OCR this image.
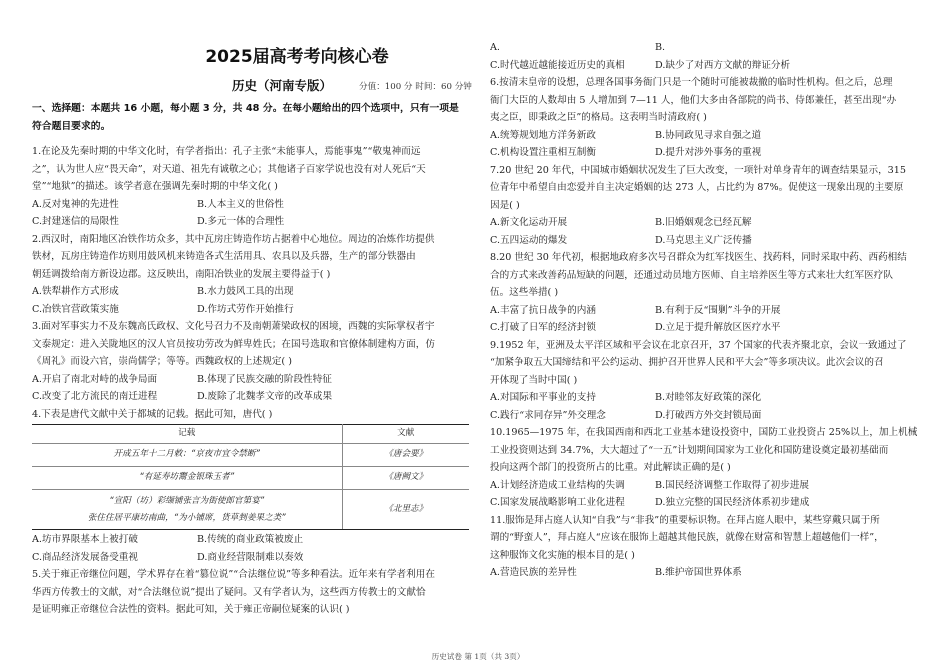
2025届高考考向核心卷
历史（河南专版）	分值：100 分 时间：60 分钟
一、选择题：本题共 16 小题，每小题 3 分，共 48 分。在每小题给出的四个选项中，只有一项是
符合题目要求的。
1.在论及先秦时期的中华文化时，有学者指出：孔子主张“未能事人，焉能事鬼”“敬鬼神而远
之”，认为世人应“畏天命”，对天道、祖先有诚敬之心；其他诸子百家学说也没有对人死后“天
堂”“地狱”的描述。该学者意在强调先秦时期的中华文化( )
A.反对鬼神的先进性	B.人本主义的世俗性
C.封建迷信的局限性	D.多元一体的合理性
2.西汉时，南阳地区冶铁作坊众多，其中瓦房庄铸造作坊占据着中心地位。周边的冶炼作坊提供
铁材，瓦房庄铸造作坊则用鼓风机来铸造各式生活用具、农具以及兵器，生产的部分铁器由
朝廷调拨给南方新设边郡。这反映出，南阳冶铁业的发展主要得益于( )
A.铁犁耕作方式形成	B.水力鼓风工具的出现
C.冶铁官营政策实施	D.作坊式劳作开始推行
3.面对军事实力不及东魏高氏政权、文化号召力不及南朝萧梁政权的困境，西魏的实际掌权者宇
文泰规定：进入关陇地区的汉人官员按功劳改为鲜卑姓氏；在国号选取和官僚体制建构方面，仿
《周礼》而设六官，崇尚儒学；等等。西魏政权的上述规定( )
A.开启了南北对峙的战争局面	B.体现了民族交融的阶段性特征
C.改变了北方流民的南迁进程	D.废除了北魏孝文帝的改革成果
4.下表是唐代文献中关于都城的记载。据此可知，唐代( )
记载	文献
开成五年十二月敕：“京夜市宜令禁断”	《唐会要》
“有延寿坊鬻金银珠玉者”	《唐阙文》

“宣阳（坊）彩缬铺张言为街使郎官第宴”
张住住居平康坊南曲，“为小铺席，货草剉姜果之类”	《北里志》
A.坊市界限基本上被打破	B.传统的商业政策被废止
C.商品经济发展备受重视	D.商业经营限制难以奏效
5.关于雍正帝继位问题，学术界存在着“篡位说”“合法继位说”等多种看法。近年来有学者利用在
华西方传教士的文献，对“合法继位说”提出了疑问。又有学者认为，这些西方传教士的文献恰
是证明雍正帝继位合法性的资料。据此可知，关于雍正帝嗣位疑案的认识( )
A.	B.
C.时代越近越能接近历史的真相	D.缺少了对西方文献的辩证分析
6.按清末皇帝的设想，总理各国事务衙门只是一个随时可能被裁撤的临时性机构。但之后，总理
衙门大臣的人数却由 5 人增加到 7—11 人，他们大多由各部院的尚书、侍郎兼任，甚至出现“办
夷之臣，即秉政之臣”的格局。这表明当时清政府( )
A.统筹规划地方洋务新政	B.协同政见寻求自强之道
C.机构设置注重相互制衡	D.提升对涉外事务的重视
7.20 世纪 20 年代，中国城市婚姻状况发生了巨大改变，一项针对单身青年的调查结果显示，315
位青年中希望自由恋爱并自主决定婚姻的达 273 人，占比约为 87%。促使这一现象出现的主要原
因是( )
A.新文化运动开展	B.旧婚姻观念已经瓦解
C.五四运动的爆发	D.马克思主义广泛传播
8.20 世纪 30 年代初，根据地政府多次号召群众为红军找医生、找药料，同时采取中药、西药相结
合的方式来改善药品短缺的问题，还通过动员地方医师、自主培养医生等方式来壮大红军医疗队
伍。这些举措( )
A.丰富了抗日战争的内涵	B.有利于反“围剿”斗争的开展
C.打破了日军的经济封锁	D.立足于提升解放区医疗水平
9.1952 年，亚洲及太平洋区域和平会议在北京召开，37 个国家的代表齐聚北京，会议一致通过了
“加紧争取五大国缔结和平公约运动、拥护召开世界人民和平大会”等多项决议。此次会议的召
开体现了当时中国( )
A.对国际和平事业的支持	B.对睦邻友好政策的深化
C.践行“求同存异”外交理念	D.打破西方外交封锁局面
10.1965—1975 年，在我国西南和西北工业基本建设投资中，国防工业投资占 25%以上，加上机械
工业投资则达到 34.7%，大大超过了“一五”计划期间国家为工业化和国防建设奠定最初基础而
投向这两个部门的投资所占的比重。对此解读正确的是( )
A.计划经济造成工业结构的失调	B.国民经济调整工作取得了初步进展
C.国家发展战略影响工业化进程	D.独立完整的国民经济体系初步建成
11.服饰是拜占庭人认知“自我”与“非我”的重要标识物。在拜占庭人眼中，某些穿戴只属于所
谓的“野蛮人”，拜占庭人“应该在服饰上超越其他民族，就像在财富和智慧上超越他们一样”，
这种服饰文化实施的根本目的是( )
A.营造民族的差异性	B.维护帝国世界体系
历史试卷 第 1页（共 3页）
